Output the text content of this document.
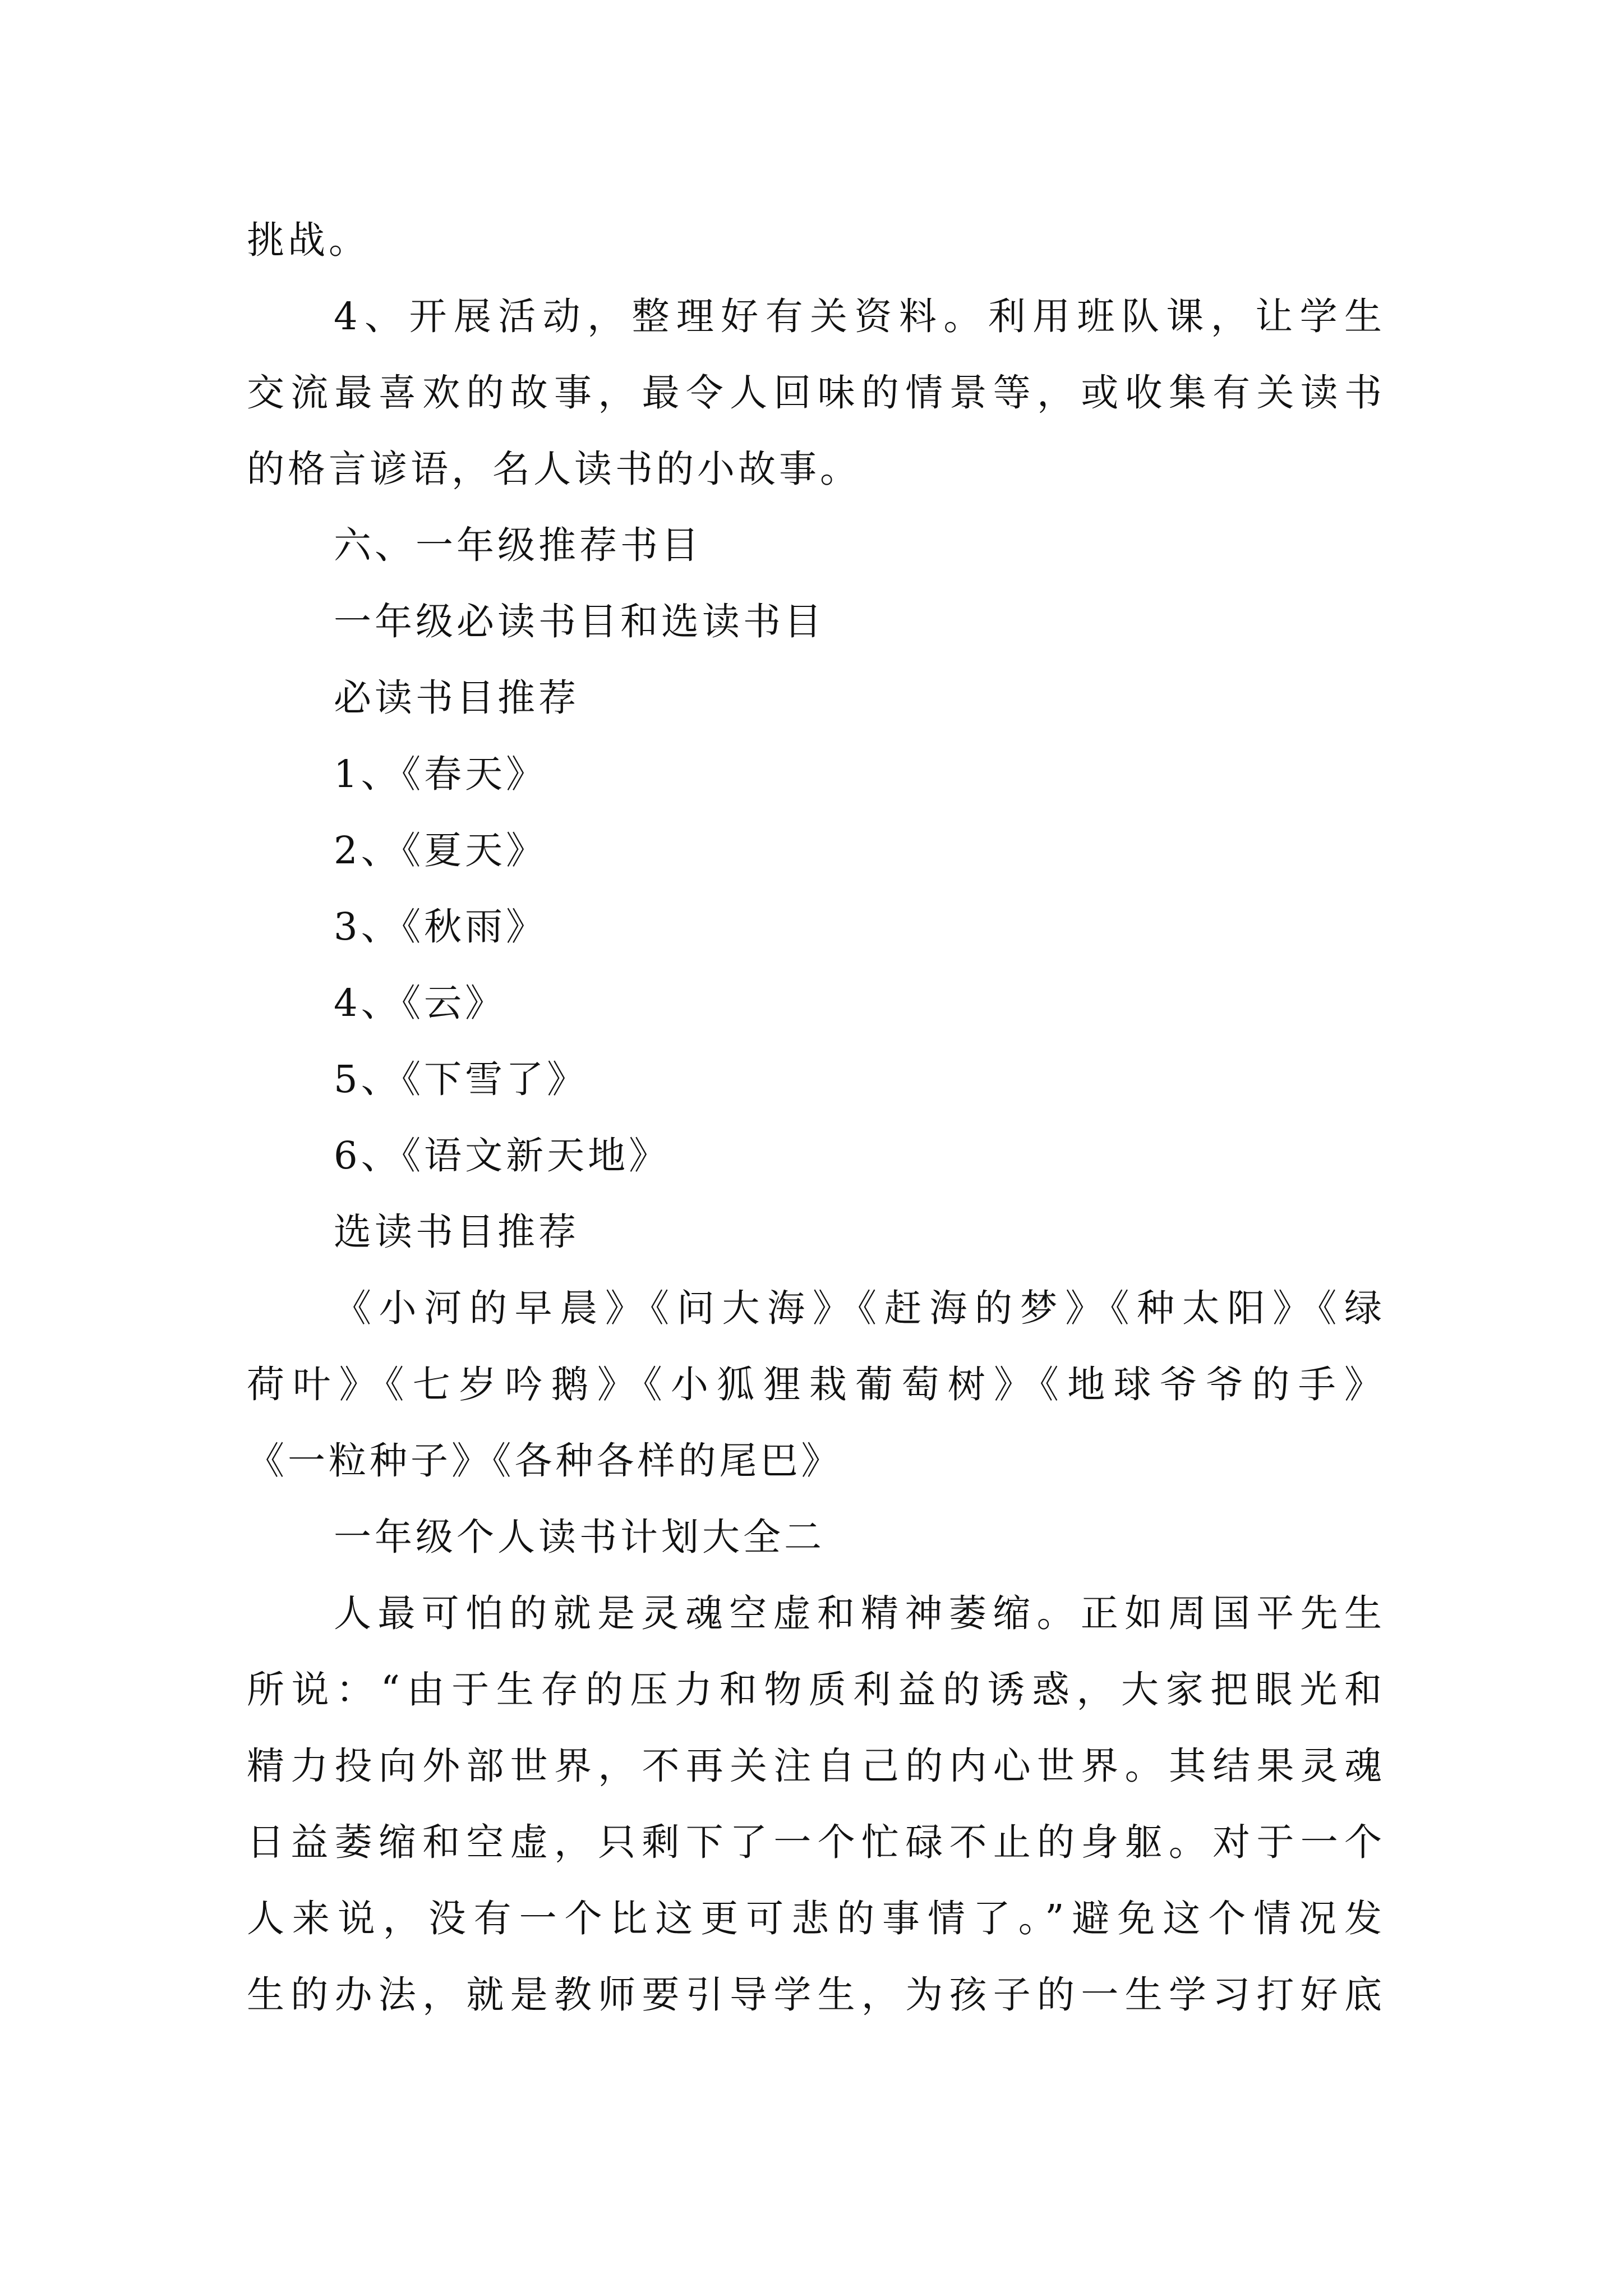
挑战。

4、开展活动，整理好有关资料。利用班队课，让学生

交流最喜欢的故事，最令人回味的情景等，或收集有关读书

的格言谚语，名人读书的小故事。

六、一年级推荐书目

一年级必读书目和选读书目

必读书目推荐

1、《春天》

2、《夏天》

3、《秋雨》

4、《云》

5、《下雪了》

6、《语文新天地》

选读书目推荐

《小河的早晨》《问大海》《赶海的梦》《种太阳》《绿

荷叶》《七岁吟鹅》《小狐狸栽葡萄树》《地球爷爷的手》

《一粒种子》《各种各样的尾巴》

一年级个人读书计划大全二

人最可怕的就是灵魂空虚和精神萎缩。正如周国平先生

所说：“由于生存的压力和物质利益的诱惑，大家把眼光和

精力投向外部世界，不再关注自己的内心世界。其结果灵魂

日益萎缩和空虚，只剩下了一个忙碌不止的身躯。对于一个

人来说，没有一个比这更可悲的事情了。”避免这个情况发

生的办法，就是教师要引导学生，为孩子的一生学习打好底
